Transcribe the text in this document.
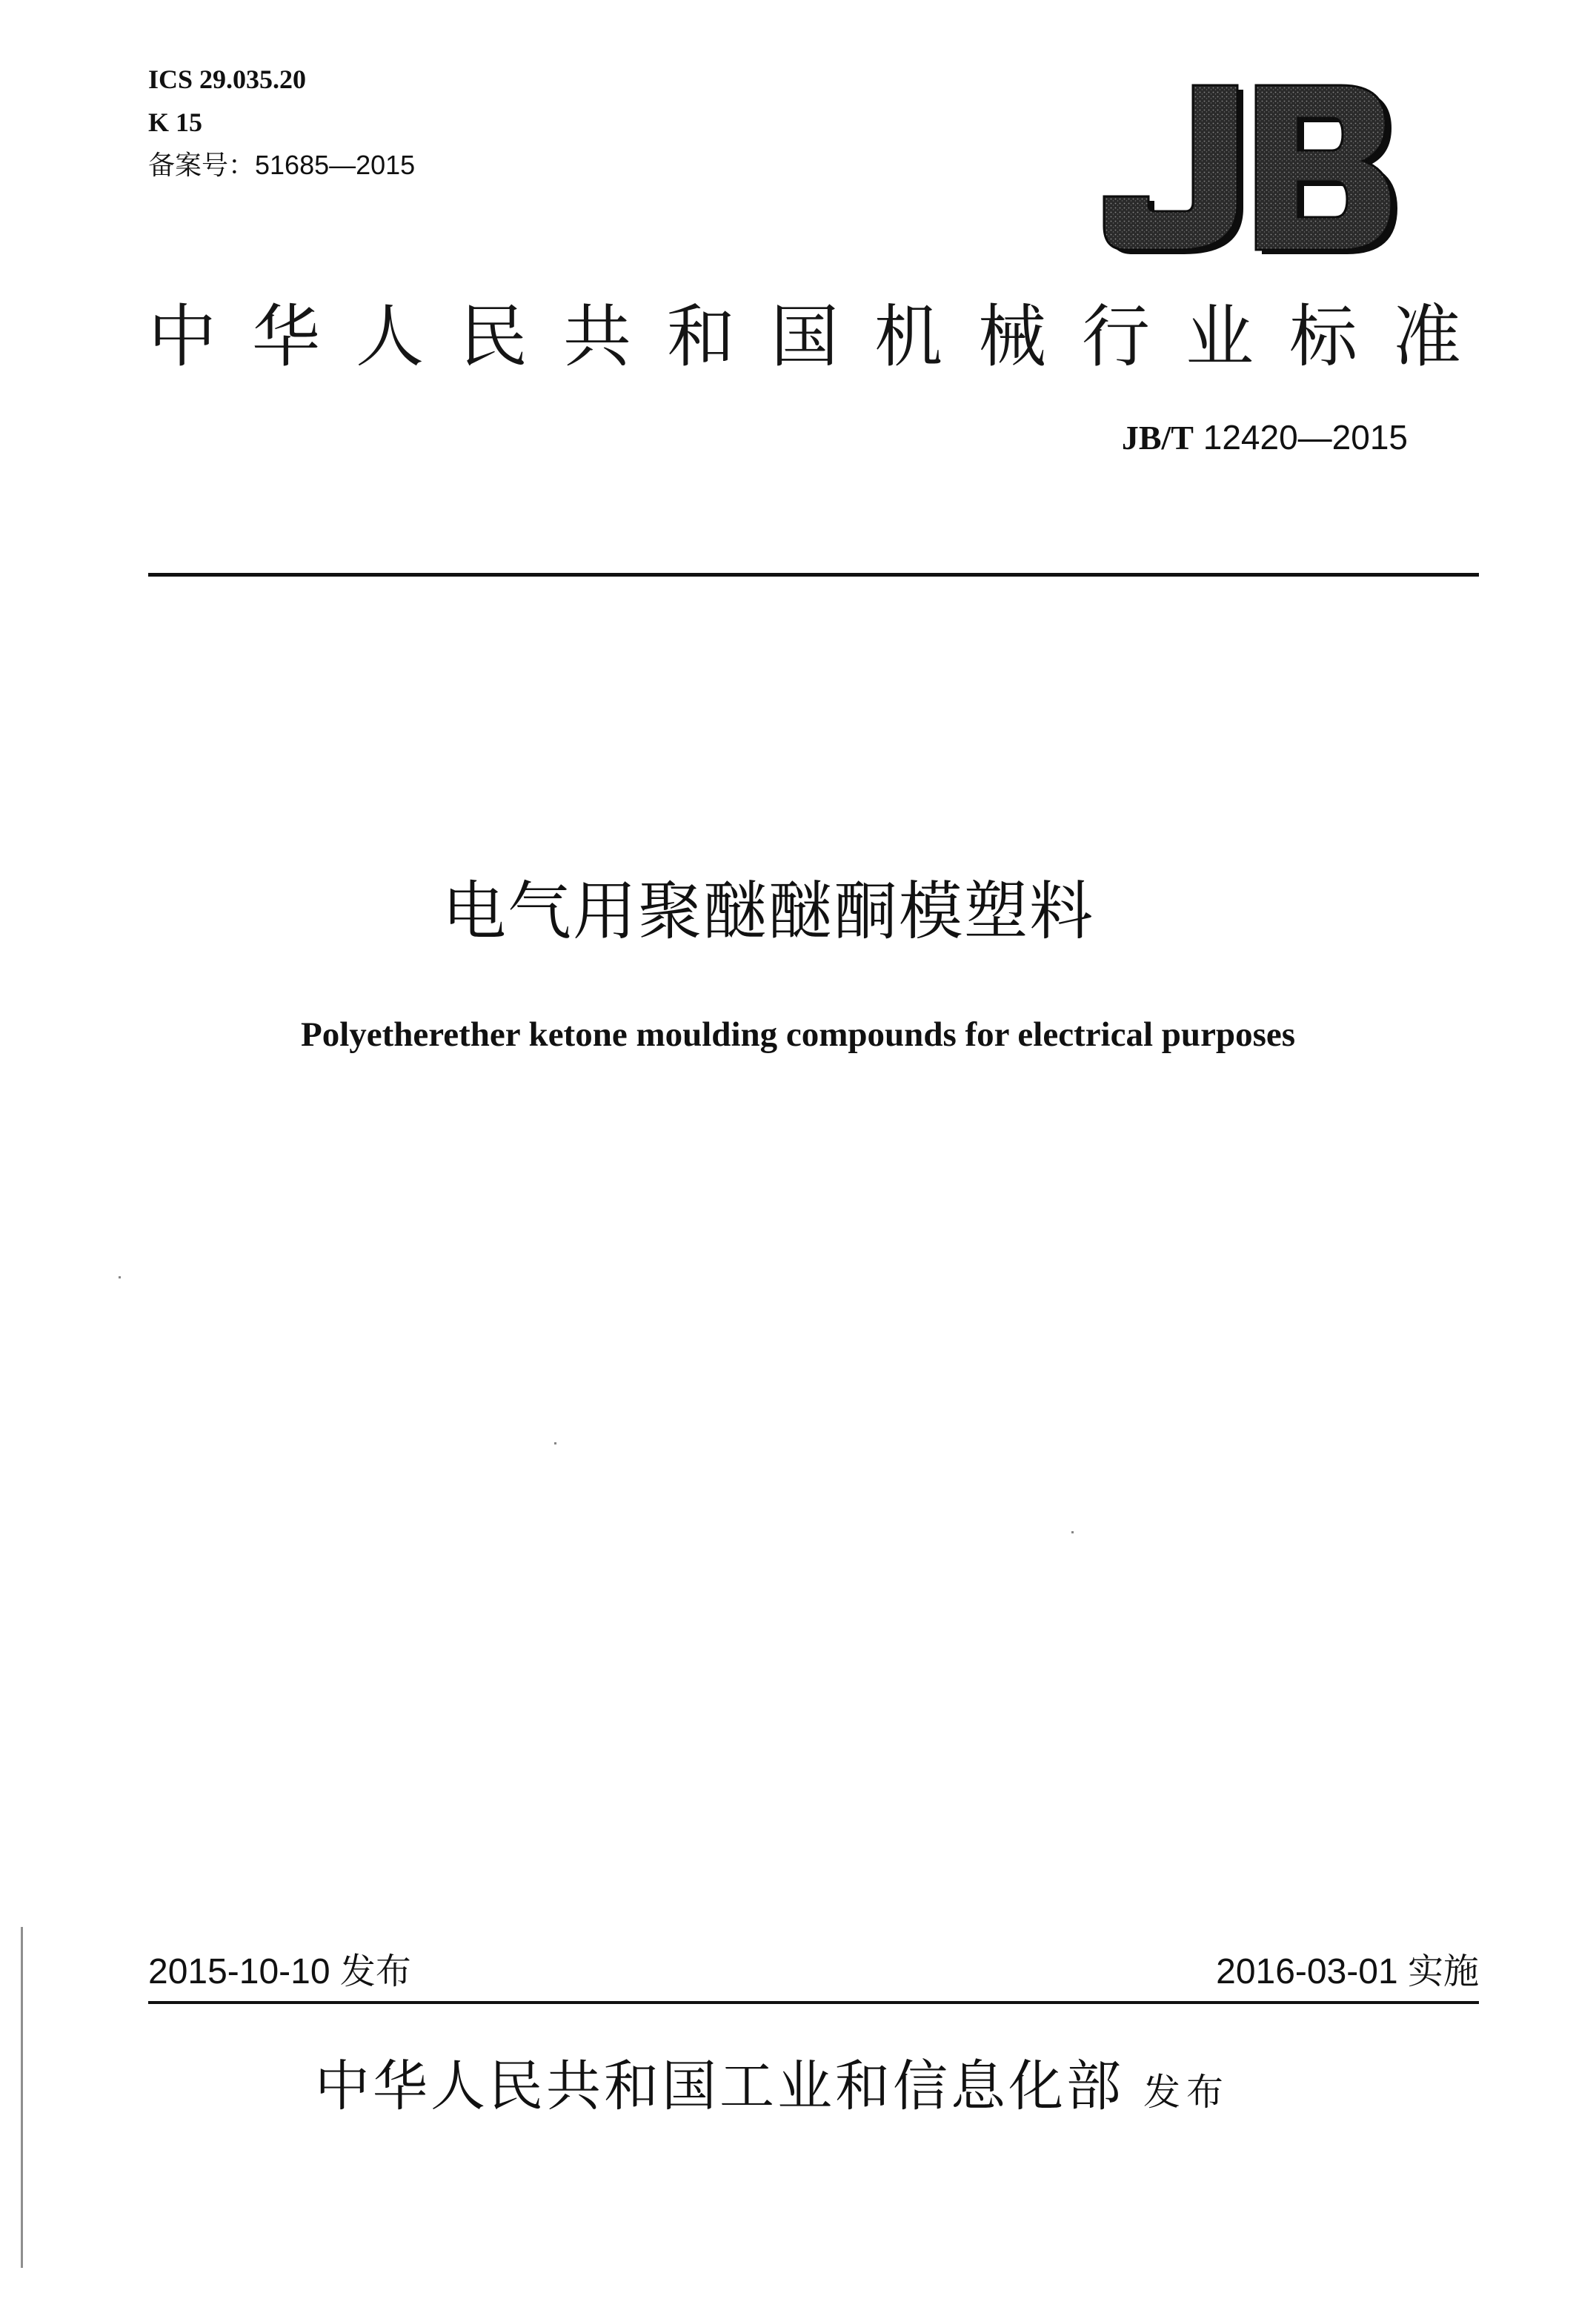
ICS 29.035.20
K 15
备案号：51685—2015
中华人民共和国机械行业标准
JB/T 12420—2015
电气用聚醚醚酮模塑料
Polyetherether ketone moulding compounds for electrical purposes
2015-10-10 发布	2016-03-01 实施
中华人民共和国工业和信息化部 发布
